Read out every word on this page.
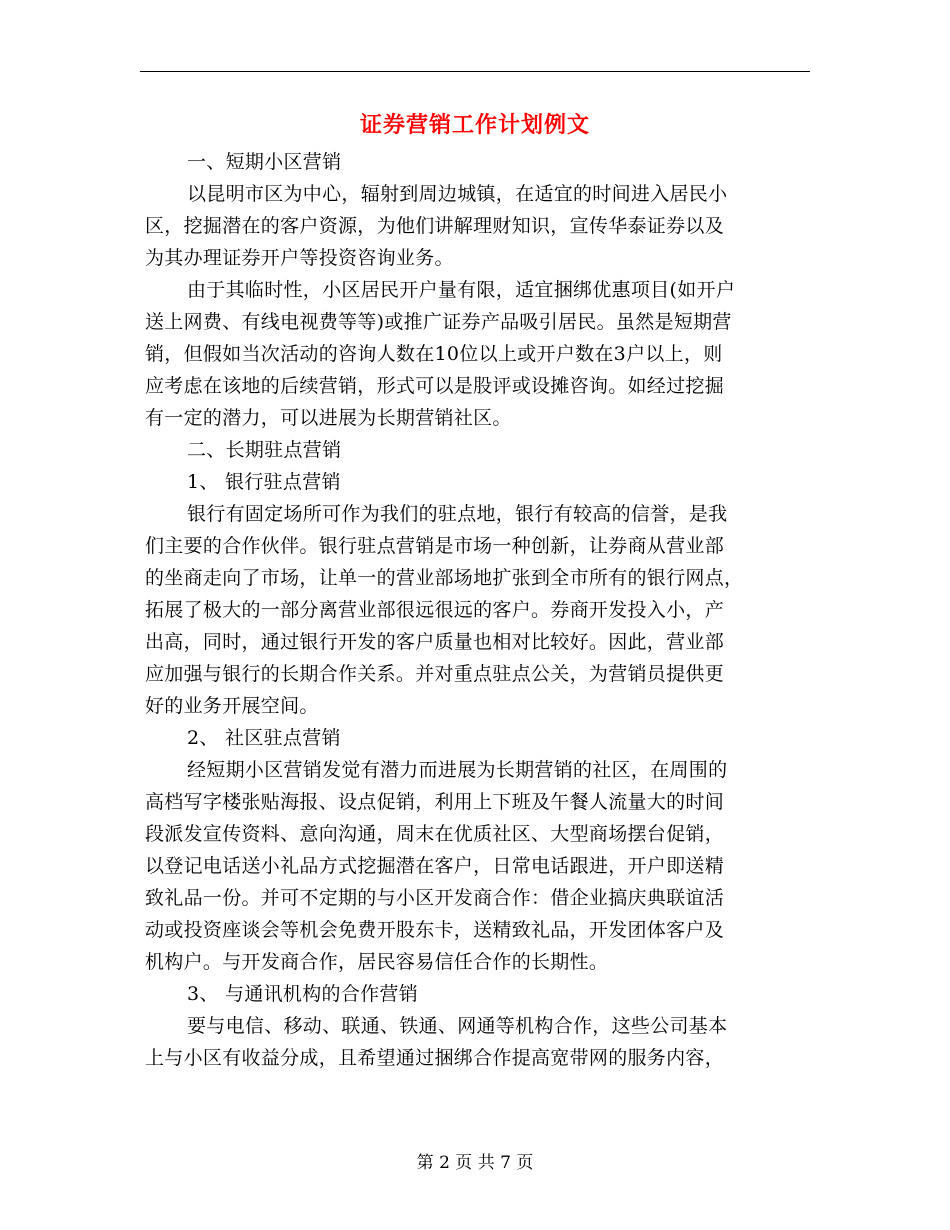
证券营销工作计划例文
一、短期小区营销
以昆明市区为中心，辐射到周边城镇，在适宜的时间进入居民小
区，挖掘潜在的客户资源，为他们讲解理财知识，宣传华泰证券以及
为其办理证券开户等投资咨询业务。
由于其临时性，小区居民开户量有限，适宜捆绑优惠项目(如开户
送上网费、有线电视费等等)或推广证券产品吸引居民。虽然是短期营
销，但假如当次活动的咨询人数在10位以上或开户数在3户以上，则
应考虑在该地的后续营销，形式可以是股评或设摊咨询。如经过挖掘
有一定的潜力，可以进展为长期营销社区。
二、长期驻点营销
1、 银行驻点营销
银行有固定场所可作为我们的驻点地，银行有较高的信誉，是我
们主要的合作伙伴。银行驻点营销是市场一种创新，让券商从营业部
的坐商走向了市场，让单一的营业部场地扩张到全市所有的银行网点，
拓展了极大的一部分离营业部很远很远的客户。券商开发投入小，产
出高，同时，通过银行开发的客户质量也相对比较好。因此，营业部
应加强与银行的长期合作关系。并对重点驻点公关，为营销员提供更
好的业务开展空间。
2、 社区驻点营销
经短期小区营销发觉有潜力而进展为长期营销的社区，在周围的
高档写字楼张贴海报、设点促销，利用上下班及午餐人流量大的时间
段派发宣传资料、意向沟通，周末在优质社区、大型商场摆台促销，
以登记电话送小礼品方式挖掘潜在客户，日常电话跟进，开户即送精
致礼品一份。并可不定期的与小区开发商合作：借企业搞庆典联谊活
动或投资座谈会等机会免费开股东卡，送精致礼品，开发团体客户及
机构户。与开发商合作，居民容易信任合作的长期性。
3、 与通讯机构的合作营销
要与电信、移动、联通、铁通、网通等机构合作，这些公司基本
上与小区有收益分成，且希望通过捆绑合作提高宽带网的服务内容，
第 2 页 共 7 页
